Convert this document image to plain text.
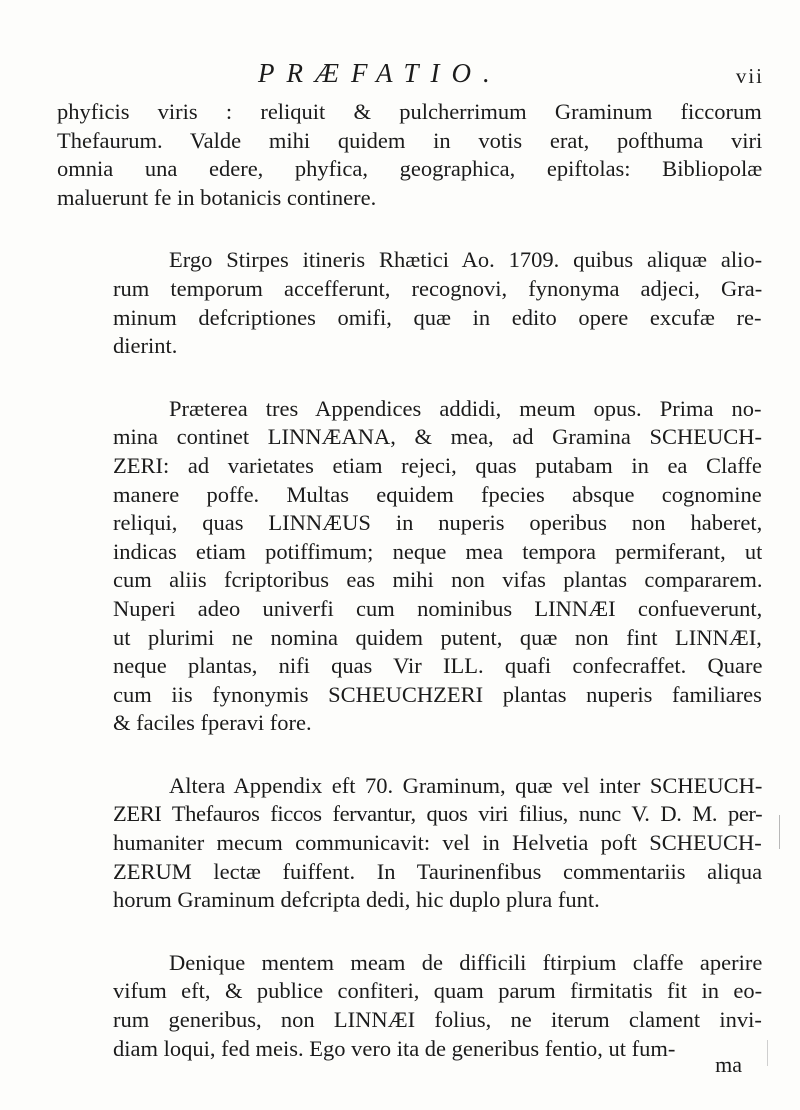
PRÆFATIO.	vii

phyficis viris : reliquit & pulcherrimum Graminum ficcorum
Thefaurum. Valde mihi quidem in votis erat, pofthuma viri
omnia una edere, phyfica, geographica, epiftolas: Bibliopolæ
maluerunt fe in botanicis continere.

Ergo Stirpes itineris Rhætici Ao. 1709. quibus aliquæ alio-
rum temporum accefferunt, recognovi, fynonyma adjeci, Gra-
minum defcriptiones omifi, quæ in edito opere excufæ re-
dierint.

Præterea tres Appendices addidi, meum opus. Prima no-
mina continet LINNÆANA, & mea, ad Gramina SCHEUCH-
ZERI: ad varietates etiam rejeci, quas putabam in ea Claffe
manere poffe. Multas equidem fpecies absque cognomine
reliqui, quas LINNÆUS in nuperis operibus non haberet,
indicas etiam potiffimum; neque mea tempora permiferant, ut
cum aliis fcriptoribus eas mihi non vifas plantas compararem.
Nuperi adeo univerfi cum nominibus LINNÆI confueverunt,
ut plurimi ne nomina quidem putent, quæ non fint LINNÆI,
neque plantas, nifi quas Vir ILL. quafi confecraffet. Quare
cum iis fynonymis SCHEUCHZERI plantas nuperis familiares
& faciles fperavi fore.

Altera Appendix eft 70. Graminum, quæ vel inter SCHEUCH-
ZERI Thefauros ficcos fervantur, quos viri filius, nunc V. D. M. per-
humaniter mecum communicavit: vel in Helvetia poft SCHEUCH-
ZERUM lectæ fuiffent. In Taurinenfibus commentariis aliqua
horum Graminum defcripta dedi, hic duplo plura funt.

Denique mentem meam de difficili ftirpium claffe aperire
vifum eft, & publice confiteri, quam parum firmitatis fit in eo-
rum generibus, non LINNÆI folius, ne iterum clament invi-
diam loqui, fed meis. Ego vero ita de generibus fentio, ut fum-

ma
